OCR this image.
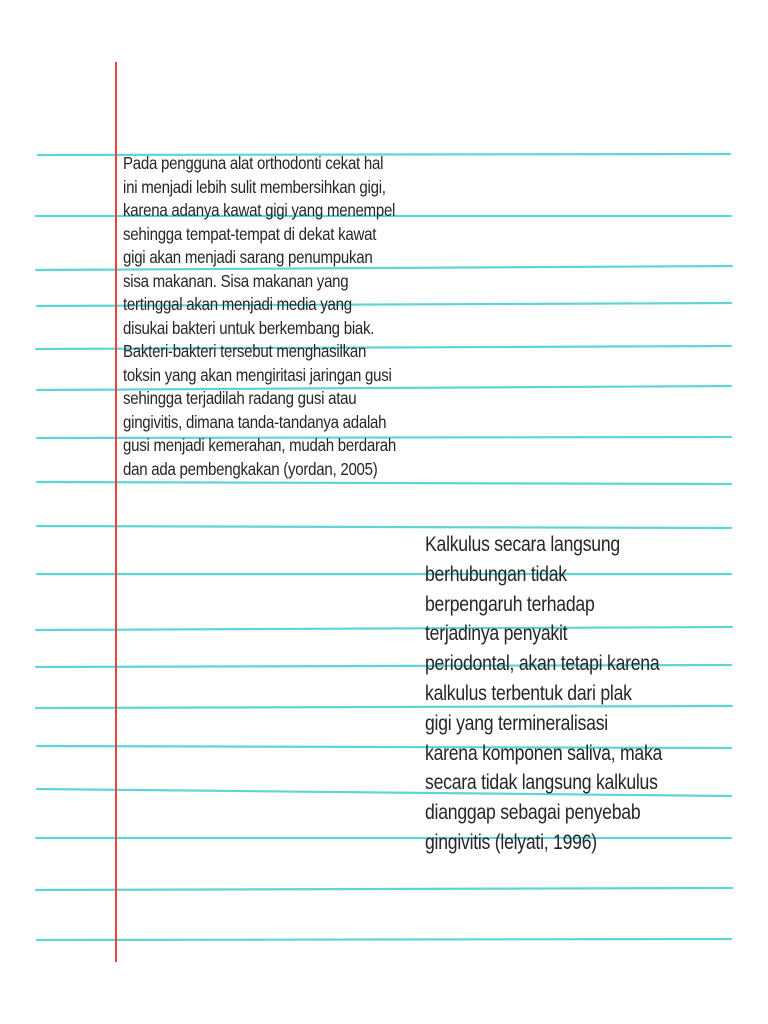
Pada pengguna alat orthodonti cekat hal
ini menjadi lebih sulit membersihkan gigi,
karena adanya kawat gigi yang menempel
sehingga tempat-tempat di dekat kawat
gigi akan menjadi sarang penumpukan
sisa makanan. Sisa makanan yang
tertinggal akan menjadi media yang
disukai bakteri untuk berkembang biak.
Bakteri-bakteri tersebut menghasilkan
toksin yang akan mengiritasi jaringan gusi
sehingga terjadilah radang gusi atau
gingivitis, dimana tanda-tandanya adalah
gusi menjadi kemerahan, mudah berdarah
dan ada pembengkakan (yordan, 2005)
Kalkulus secara langsung
berhubungan tidak
berpengaruh terhadap
terjadinya penyakit
periodontal, akan tetapi karena
kalkulus terbentuk dari plak
gigi yang termineralisasi
karena komponen saliva, maka
secara tidak langsung kalkulus
dianggap sebagai penyebab
gingivitis (lelyati, 1996)
